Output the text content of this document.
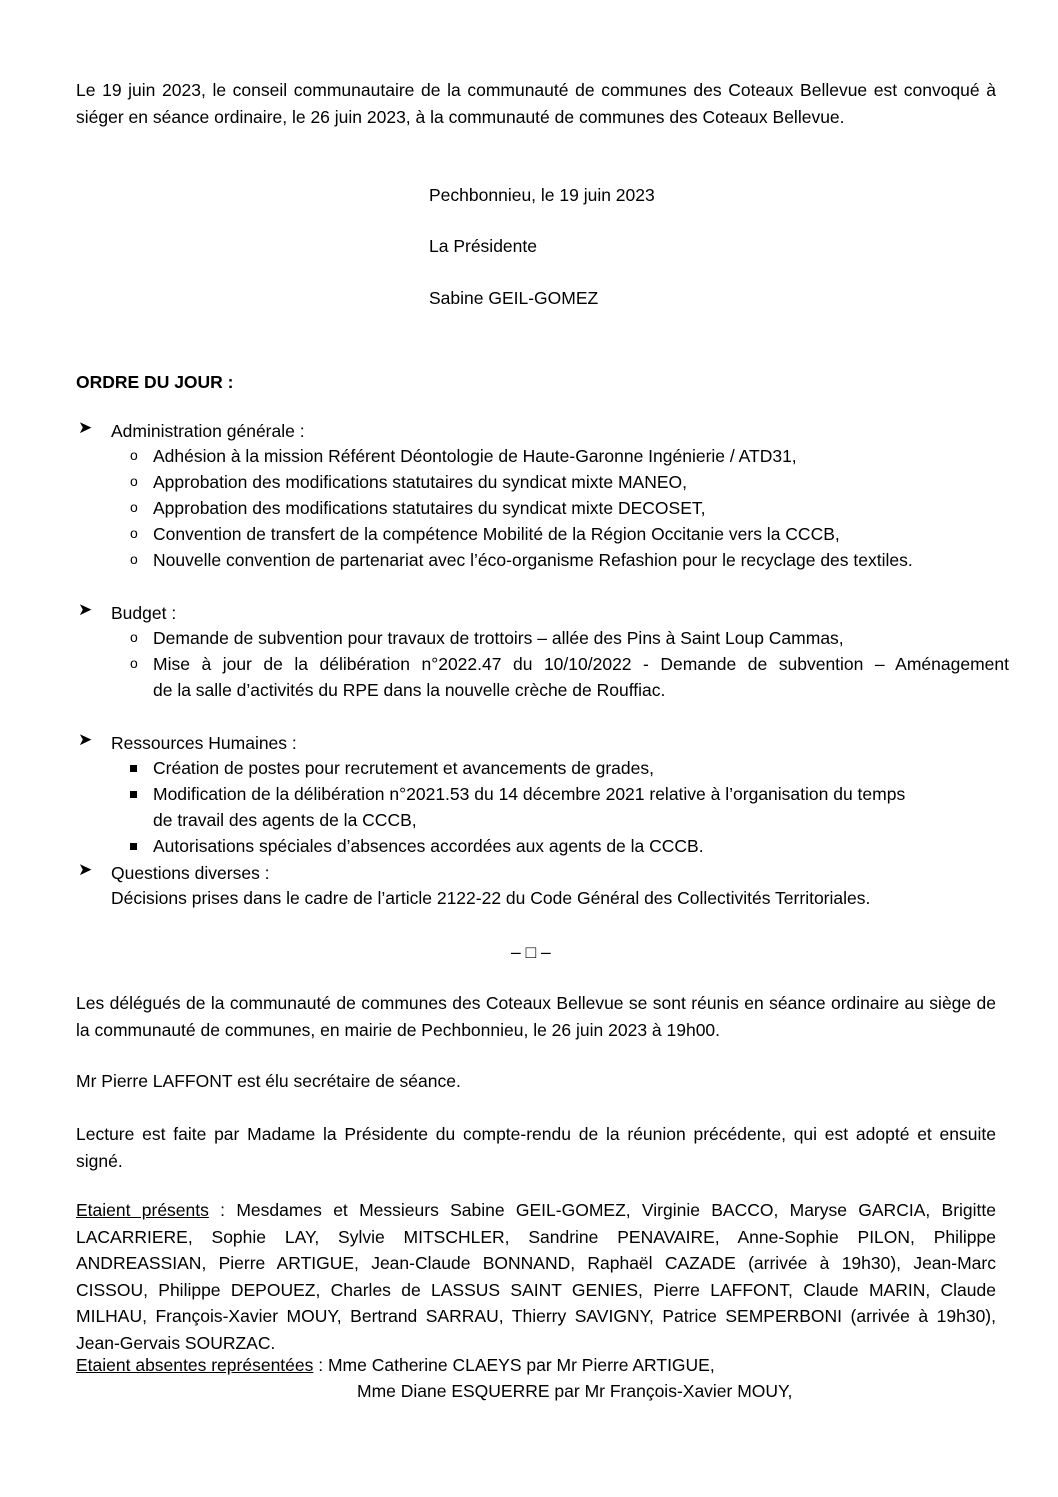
Le 19 juin 2023, le conseil communautaire de la communauté de communes des Coteaux Bellevue est convoqué à siéger en séance ordinaire, le 26 juin 2023, à la communauté de communes des Coteaux Bellevue.
Pechbonnieu, le 19 juin 2023
La Présidente
Sabine GEIL-GOMEZ
ORDRE DU JOUR :
➤ Administration générale :
o Adhésion à la mission Référent Déontologie de Haute-Garonne Ingénierie / ATD31,
o Approbation des modifications statutaires du syndicat mixte MANEO,
o Approbation des modifications statutaires du syndicat mixte DECOSET,
o Convention de transfert de la compétence Mobilité de la Région Occitanie vers la CCCB,
o Nouvelle convention de partenariat avec l’éco-organisme Refashion pour le recyclage des textiles.
➤ Budget :
o Demande de subvention pour travaux de trottoirs – allée des Pins à Saint Loup Cammas,
o Mise à jour de la délibération n°2022.47 du 10/10/2022 - Demande de subvention – Aménagement
de la salle d’activités du RPE dans la nouvelle crèche de Rouffiac.
➤ Ressources Humaines :
Création de postes pour recrutement et avancements de grades,
Modification de la délibération n°2021.53 du 14 décembre 2021 relative à l’organisation du temps
de travail des agents de la CCCB,
Autorisations spéciales d’absences accordées aux agents de la CCCB.
➤ Questions diverses :
Décisions prises dans le cadre de l’article 2122-22 du Code Général des Collectivités Territoriales.
– □ –
Les délégués de la communauté de communes des Coteaux Bellevue se sont réunis en séance ordinaire au siège de la communauté de communes, en mairie de Pechbonnieu, le 26 juin 2023 à 19h00.
Mr Pierre LAFFONT est élu secrétaire de séance.
Lecture est faite par Madame la Présidente du compte-rendu de la réunion précédente, qui est adopté et ensuite signé.
Etaient présents : Mesdames et Messieurs Sabine GEIL-GOMEZ, Virginie BACCO, Maryse GARCIA, Brigitte LACARRIERE, Sophie LAY, Sylvie MITSCHLER, Sandrine PENAVAIRE, Anne-Sophie PILON, Philippe ANDREASSIAN, Pierre ARTIGUE, Jean-Claude BONNAND, Raphaël CAZADE (arrivée à 19h30), Jean-Marc CISSOU, Philippe DEPOUEZ, Charles de LASSUS SAINT GENIES, Pierre LAFFONT, Claude MARIN, Claude MILHAU, François-Xavier MOUY, Bertrand SARRAU, Thierry SAVIGNY, Patrice SEMPERBONI (arrivée à 19h30), Jean-Gervais SOURZAC.
Etaient absentes représentées : Mme Catherine CLAEYS par Mr Pierre ARTIGUE,
Mme Diane ESQUERRE par Mr François-Xavier MOUY,
